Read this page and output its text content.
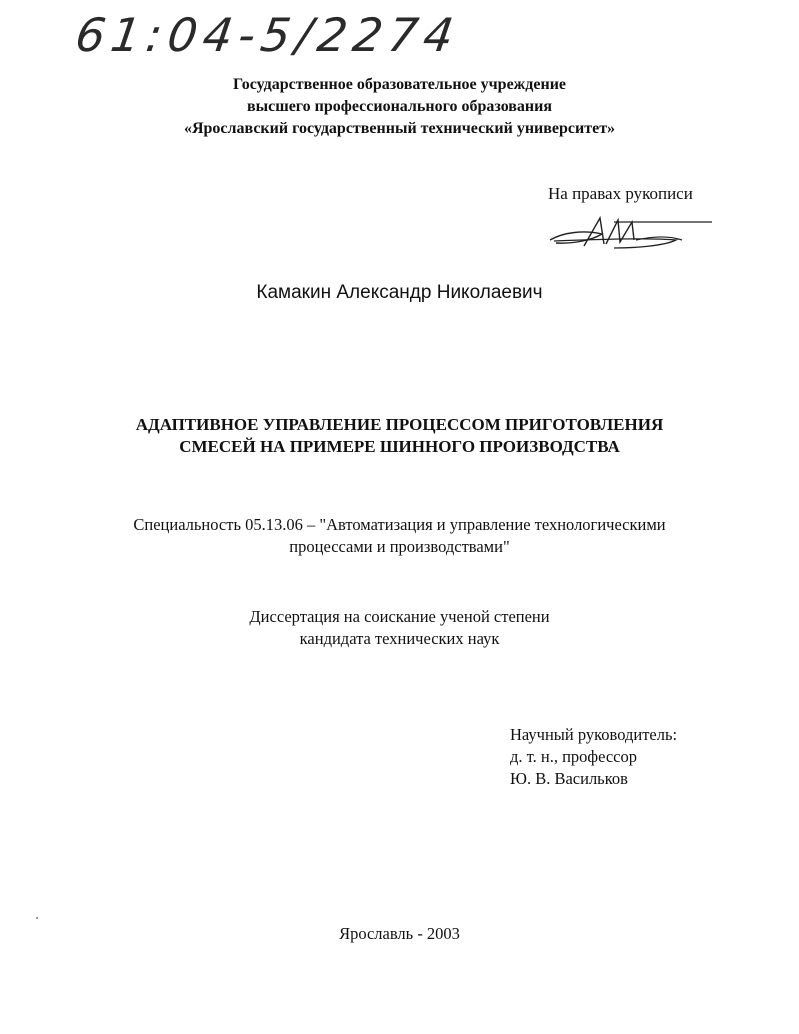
61:04-5/2274
Государственное образовательное учреждение
высшего профессионального образования
«Ярославский государственный технический университет»
На правах рукописи
Камакин Александр Николаевич
АДАПТИВНОЕ УПРАВЛЕНИЕ ПРОЦЕССОМ ПРИГОТОВЛЕНИЯ
СМЕСЕЙ НА ПРИМЕРЕ ШИННОГО ПРОИЗВОДСТВА
Специальность 05.13.06 – "Автоматизация и управление технологическими
процессами и производствами"
Диссертация на соискание ученой степени
кандидата технических наук
Научный руководитель:
д. т. н., профессор
Ю. В. Васильков
Ярославль - 2003
